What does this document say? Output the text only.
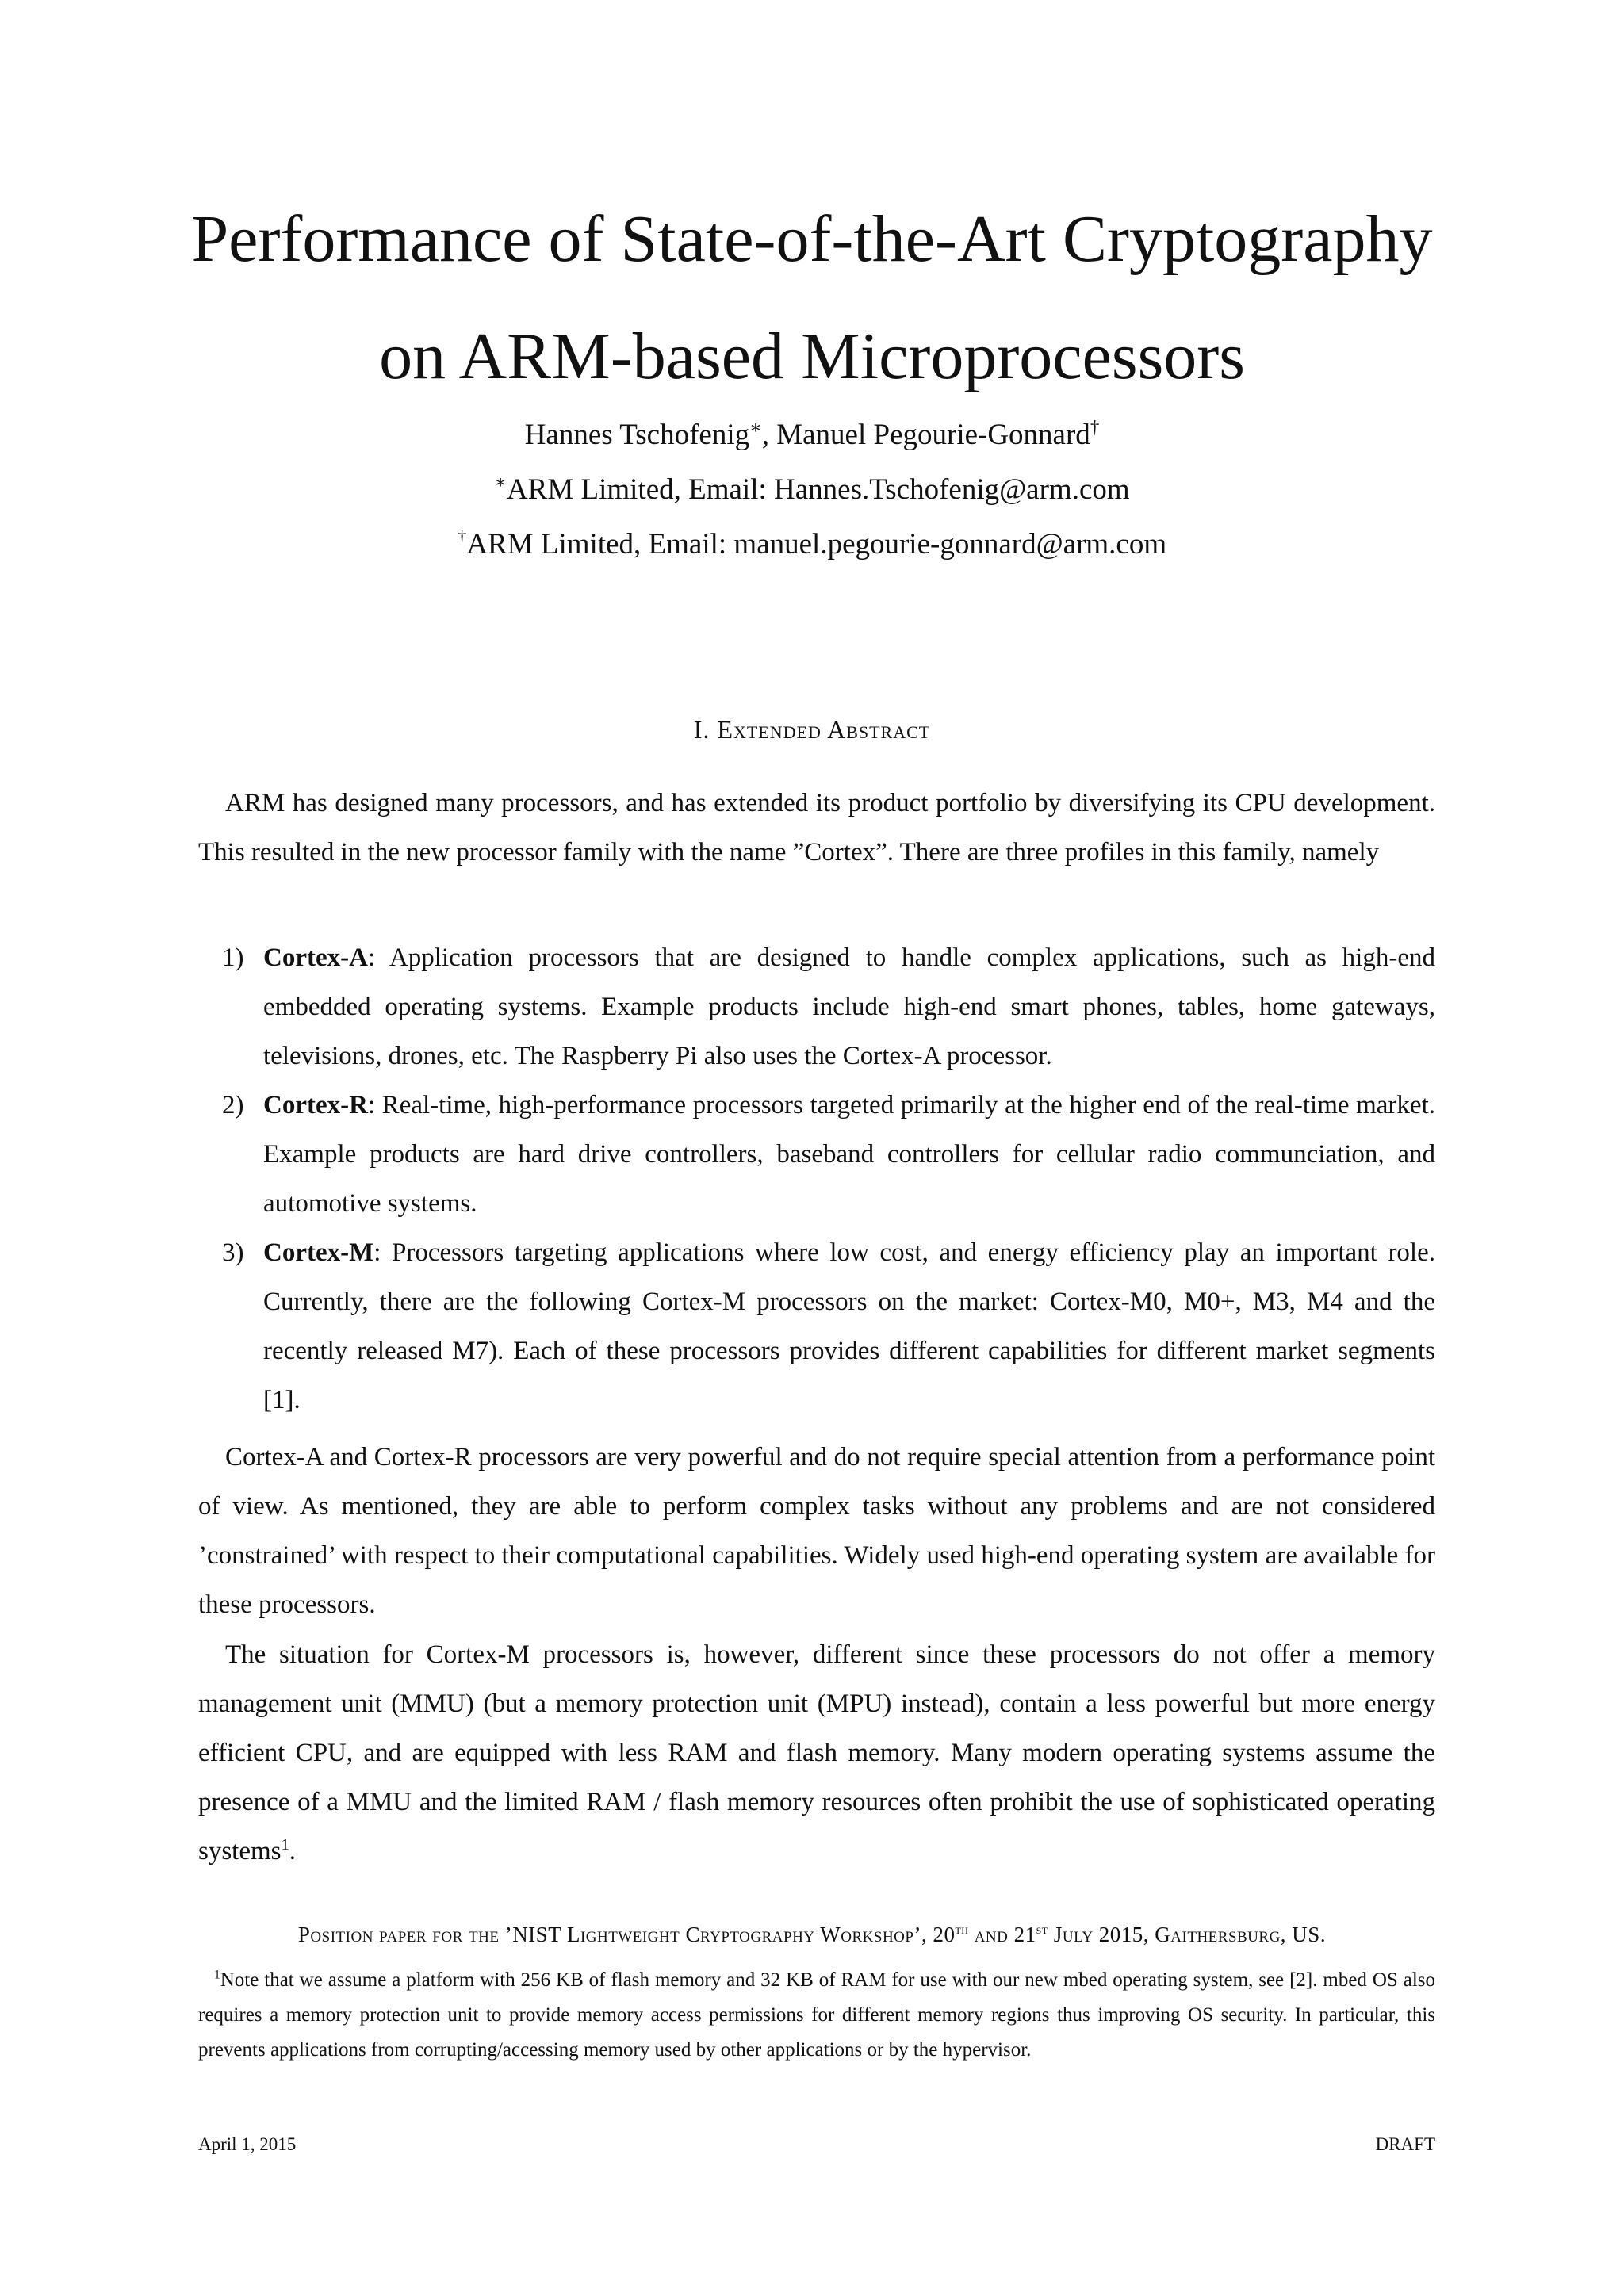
Performance of State-of-the-Art Cryptography
on ARM-based Microprocessors
Hannes Tschofenig∗, Manuel Pegourie-Gonnard†
∗ARM Limited, Email: Hannes.Tschofenig@arm.com
†ARM Limited, Email: manuel.pegourie-gonnard@arm.com
I. Extended Abstract

ARM has designed many processors, and has extended its product portfolio by diversifying its CPU development. This resulted in the new processor family with the name ”Cortex”. There are three profiles in this family, namely

1) Cortex-A: Application processors that are designed to handle complex applications, such as high-end embedded operating systems. Example products include high-end smart phones, tables, home gateways, televisions, drones, etc. The Raspberry Pi also uses the Cortex-A processor.
2) Cortex-R: Real-time, high-performance processors targeted primarily at the higher end of the real-time market. Example products are hard drive controllers, baseband controllers for cellular radio communciation, and automotive systems.
3) Cortex-M: Processors targeting applications where low cost, and energy efficiency play an important role. Currently, there are the following Cortex-M processors on the market: Cortex-M0, M0+, M3, M4 and the recently released M7). Each of these processors provides different capabilities for different market segments [1].

Cortex-A and Cortex-R processors are very powerful and do not require special attention from a performance point of view. As mentioned, they are able to perform complex tasks without any problems and are not considered ’constrained’ with respect to their computational capabilities. Widely used high-end operating system are available for these processors.

The situation for Cortex-M processors is, however, different since these processors do not offer a memory management unit (MMU) (but a memory protection unit (MPU) instead), contain a less powerful but more energy efficient CPU, and are equipped with less RAM and flash memory. Many modern operating systems assume the presence of a MMU and the limited RAM / flash memory resources often prohibit the use of sophisticated operating systems$^1$.

Position paper for the ’NIST Lightweight Cryptography Workshop’, 20th and 21st July 2015, Gaithersburg, US.

$^1$Note that we assume a platform with 256 KB of flash memory and 32 KB of RAM for use with our new mbed operating system, see [2]. mbed OS also requires a memory protection unit to provide memory access permissions for different memory regions thus improving OS security. In particular, this prevents applications from corrupting/accessing memory used by other applications or by the hypervisor.

April 1, 2015	DRAFT
